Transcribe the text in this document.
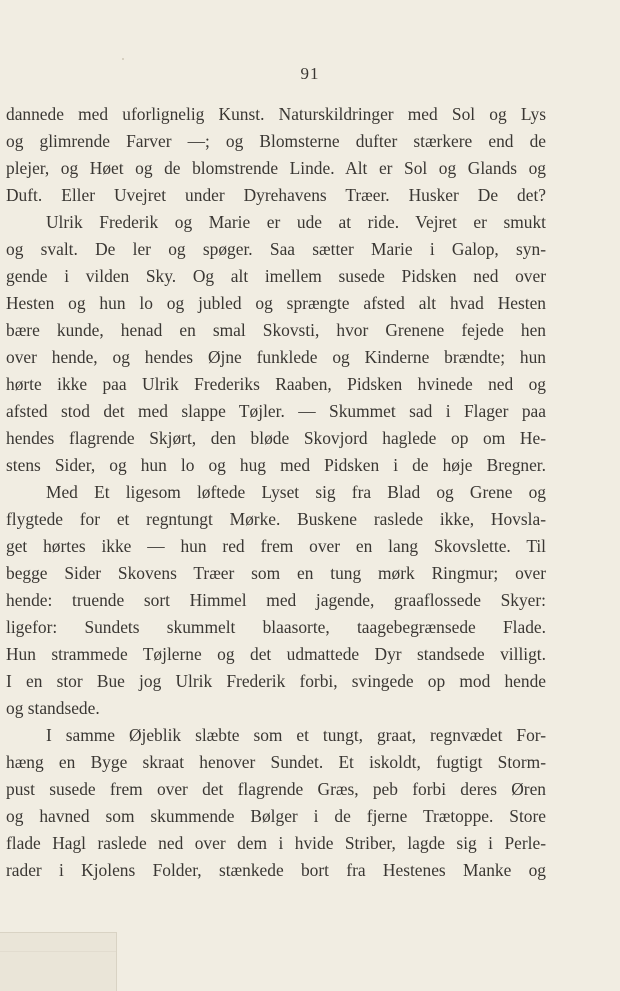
91
dannede med uforlignelig Kunst. Naturskildringer med Sol og Lys
og glimrende Farver —; og Blomsterne dufter stærkere end de
plejer, og Høet og de blomstrende Linde. Alt er Sol og Glands og
Duft. Eller Uvejret under Dyrehavens Træer. Husker De det?
Ulrik Frederik og Marie er ude at ride. Vejret er smukt
og svalt. De ler og spøger. Saa sætter Marie i Galop, syn-
gende i vilden Sky. Og alt imellem susede Pidsken ned over
Hesten og hun lo og jubled og sprængte afsted alt hvad Hesten
bære kunde, henad en smal Skovsti, hvor Grenene fejede hen
over hende, og hendes Øjne funklede og Kinderne brændte; hun
hørte ikke paa Ulrik Frederiks Raaben, Pidsken hvinede ned og
afsted stod det med slappe Tøjler. — Skummet sad i Flager paa
hendes flagrende Skjørt, den bløde Skovjord haglede op om He-
stens Sider, og hun lo og hug med Pidsken i de høje Bregner.
Med Et ligesom løftede Lyset sig fra Blad og Grene og
flygtede for et regntungt Mørke. Buskene raslede ikke, Hovsla-
get hørtes ikke — hun red frem over en lang Skovslette. Til
begge Sider Skovens Træer som en tung mørk Ringmur; over
hende: truende sort Himmel med jagende, graaflossede Skyer:
ligefor: Sundets skummelt blaasorte, taagebegrænsede Flade.
Hun strammede Tøjlerne og det udmattede Dyr standsede villigt.
I en stor Bue jog Ulrik Frederik forbi, svingede op mod hende
og standsede.
I samme Øjeblik slæbte som et tungt, graat, regnvædet For-
hæng en Byge skraat henover Sundet. Et iskoldt, fugtigt Storm-
pust susede frem over det flagrende Græs, peb forbi deres Øren
og havned som skummende Bølger i de fjerne Trætoppe. Store
flade Hagl raslede ned over dem i hvide Striber, lagde sig i Perle-
rader i Kjolens Folder, stænkede bort fra Hestenes Manke og
